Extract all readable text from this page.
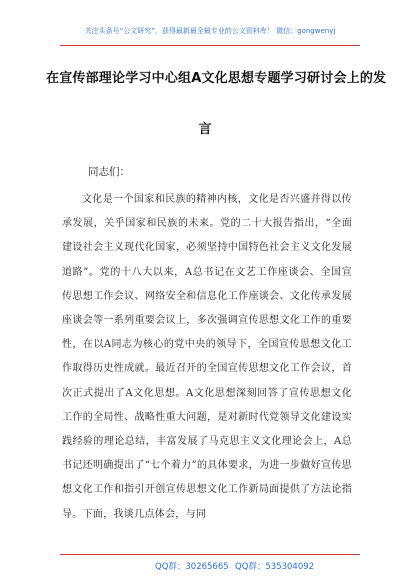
关注头条号“公文研究”，获得最新最全最专业的公文资料库！ 微信：gongwenyj
在宣传部理论学习中心组A文化思想专题学习研讨会上的发
言
同志们：
文化是一个国家和民族的精神内核，文化是否兴盛并得以传承发展，关乎国家和民族的未来。党的二十大报告指出，“全面建设社会主义现代化国家，必须坚持中国特色社会主义文化发展道路”。党的十八大以来，A总书记在文艺工作座谈会、全国宣传思想工作会议、网络安全和信息化工作座谈会、文化传承发展座谈会等一系列重要会议上，多次强调宣传思想文化工作的重要性，在以A同志为核心的党中央的领导下，全国宣传思想文化工作取得历史性成就。最近召开的全国宣传思想文化工作会议，首次正式提出了A文化思想。A文化思想深刻回答了宣传思想文化工作的全局性、战略性重大问题，是对新时代党领导文化建设实践经验的理论总结，丰富发展了马克思主义文化理论会上，A总书记还明确提出了“七个着力”的具体要求，为进一步做好宣传思想文化工作和指引开创宣传思想文化工作新局面提供了方法论指导。下面，我谈几点体会，与同
QQ群：30265665 QQ群：535304092
